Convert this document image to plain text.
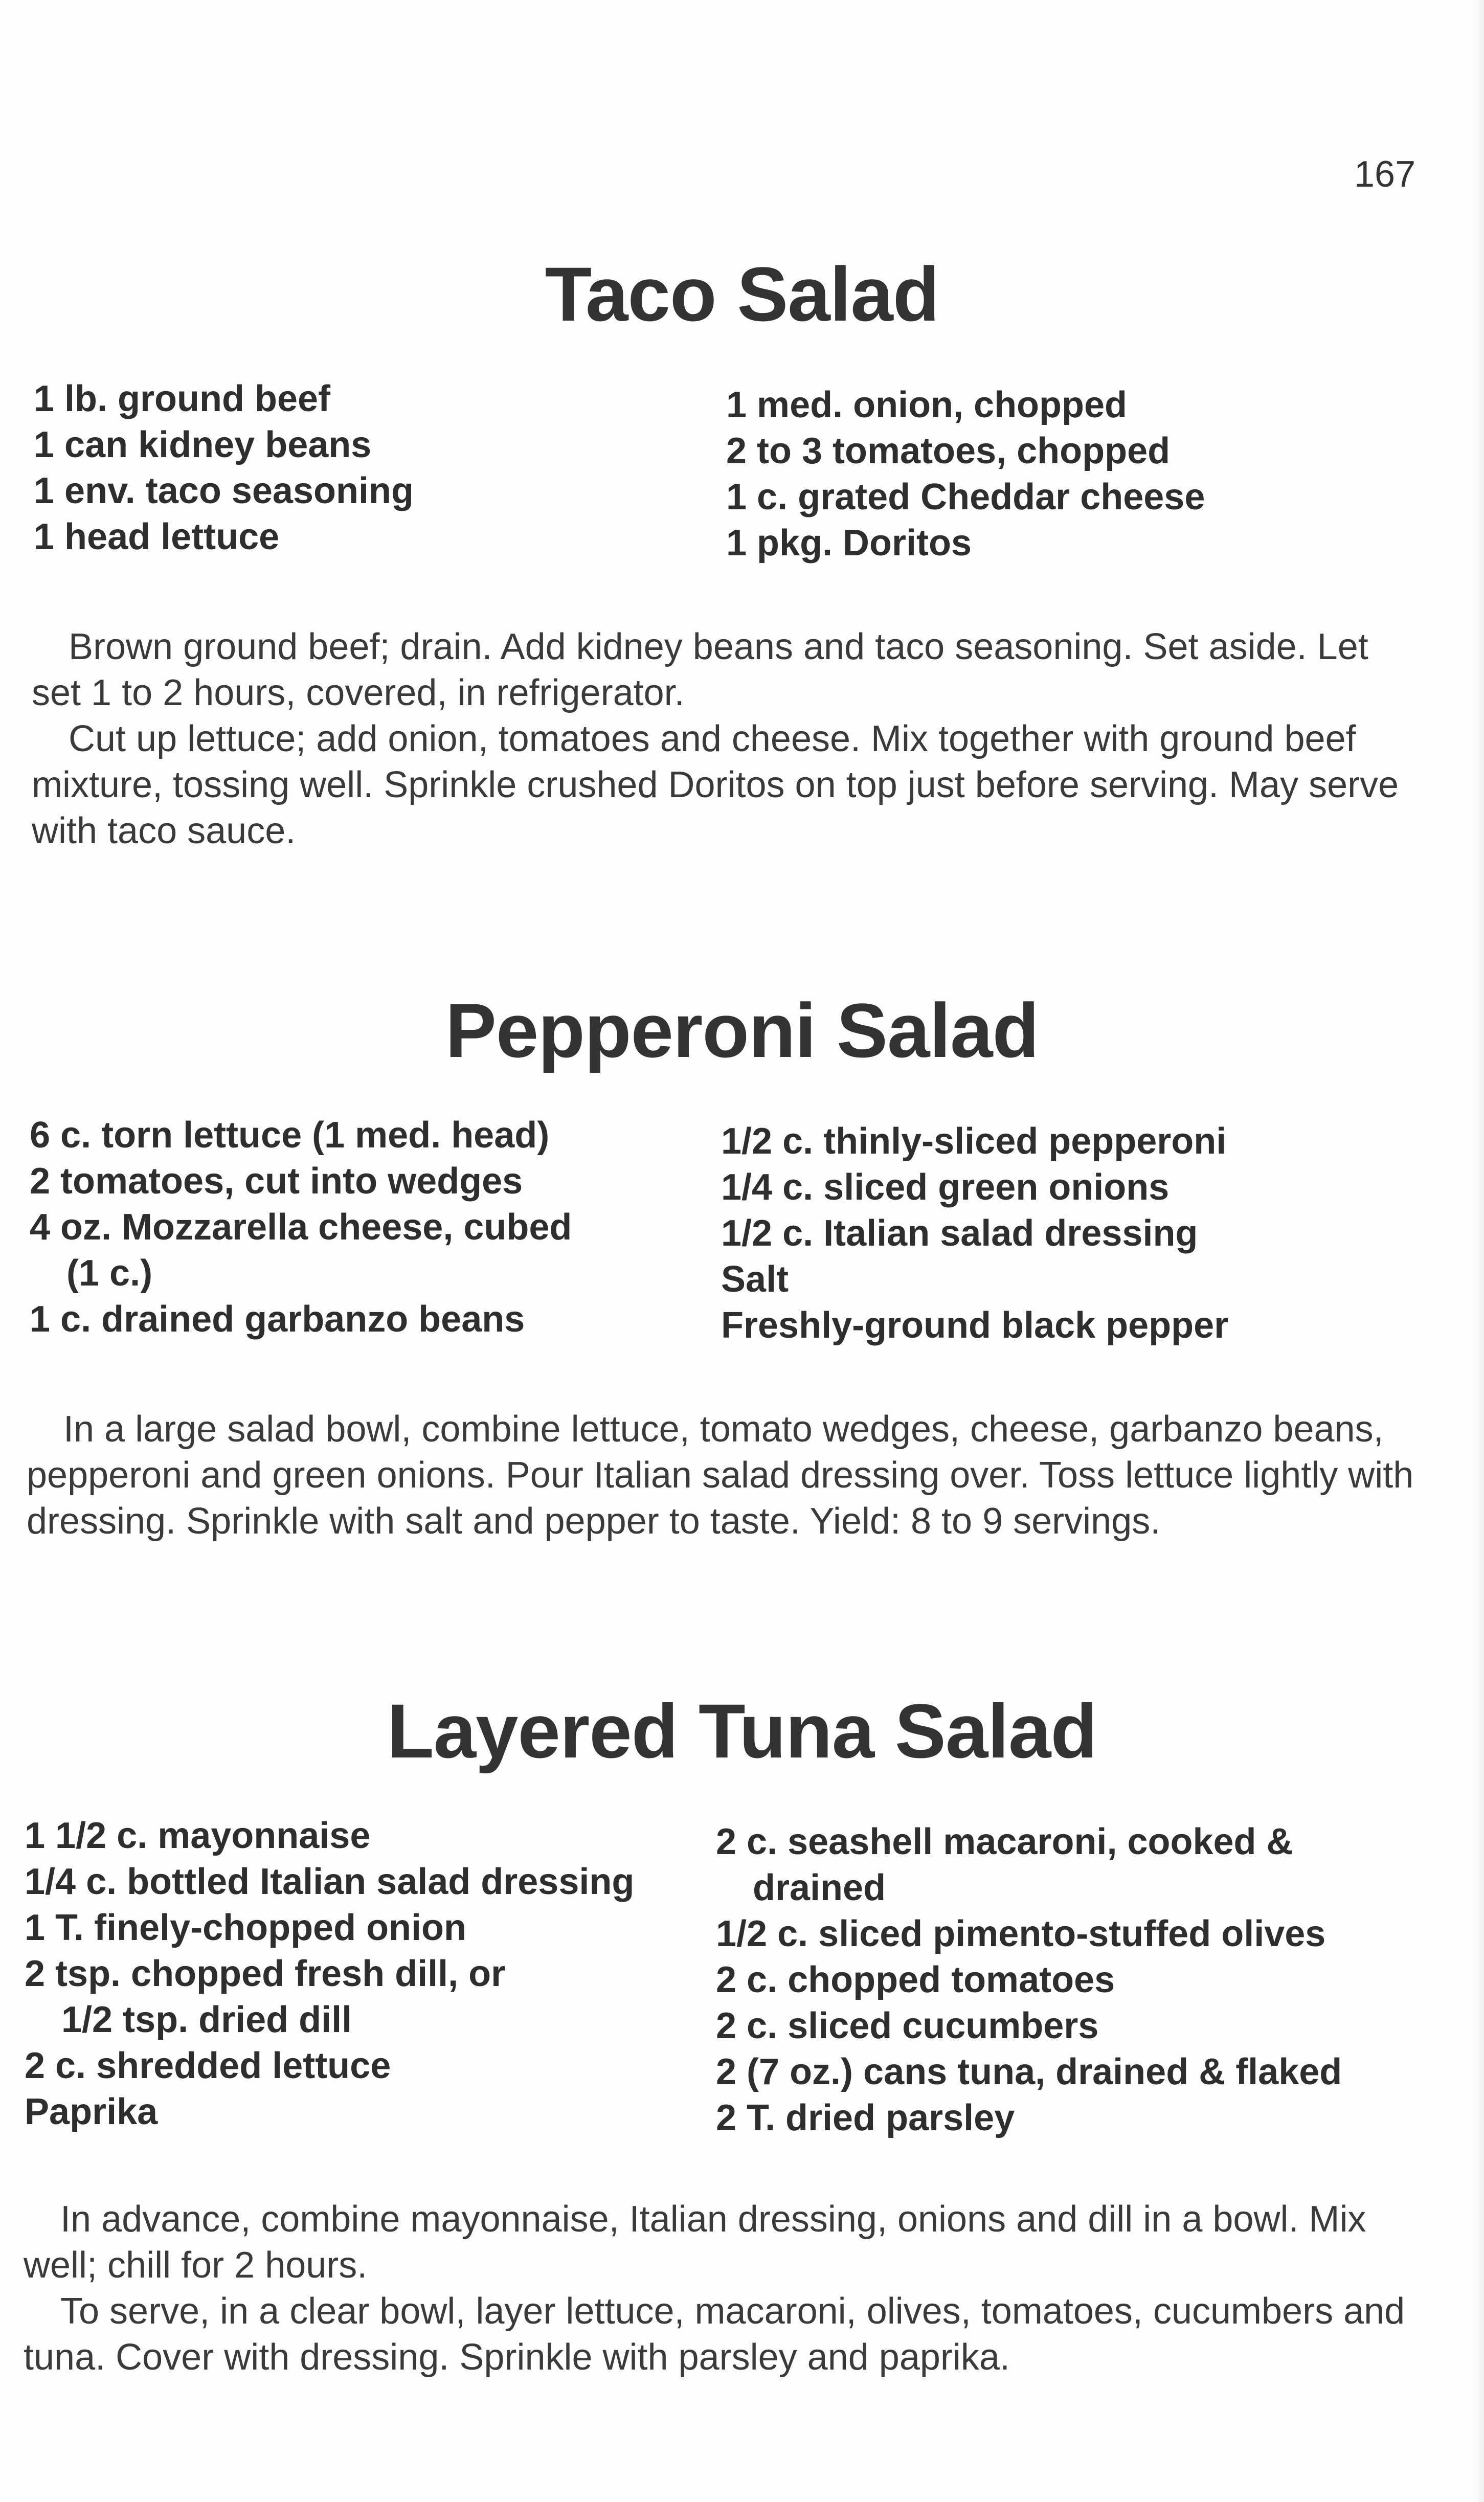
167
Taco Salad
1 lb. ground beef
1 can kidney beans
1 env. taco seasoning
1 head lettuce
1 med. onion, chopped
2 to 3 tomatoes, chopped
1 c. grated Cheddar cheese
1 pkg. Doritos

Brown ground beef; drain. Add kidney beans and taco seasoning. Set aside. Let set 1 to 2 hours, covered, in refrigerator.

Cut up lettuce; add onion, tomatoes and cheese. Mix together with ground beef mixture, tossing well. Sprinkle crushed Doritos on top just before serving. May serve with taco sauce.

Pepperoni Salad
6 c. torn lettuce (1 med. head)
2 tomatoes, cut into wedges
4 oz. Mozzarella cheese, cubed
(1 c.)
1 c. drained garbanzo beans
1/2 c. thinly-sliced pepperoni
1/4 c. sliced green onions
1/2 c. Italian salad dressing
Salt
Freshly-ground black pepper

In a large salad bowl, combine lettuce, tomato wedges, cheese, garbanzo beans, pepperoni and green onions. Pour Italian salad dressing over. Toss lettuce lightly with dressing. Sprinkle with salt and pepper to taste. Yield: 8 to 9 servings.

Layered Tuna Salad
1 1/2 c. mayonnaise
1/4 c. bottled Italian salad dressing
1 T. finely-chopped onion
2 tsp. chopped fresh dill, or
1/2 tsp. dried dill
2 c. shredded lettuce
Paprika
2 c. seashell macaroni, cooked &
drained
1/2 c. sliced pimento-stuffed olives
2 c. chopped tomatoes
2 c. sliced cucumbers
2 (7 oz.) cans tuna, drained & flaked
2 T. dried parsley

In advance, combine mayonnaise, Italian dressing, onions and dill in a bowl. Mix well; chill for 2 hours.

To serve, in a clear bowl, layer lettuce, macaroni, olives, tomatoes, cucumbers and tuna. Cover with dressing. Sprinkle with parsley and paprika.
